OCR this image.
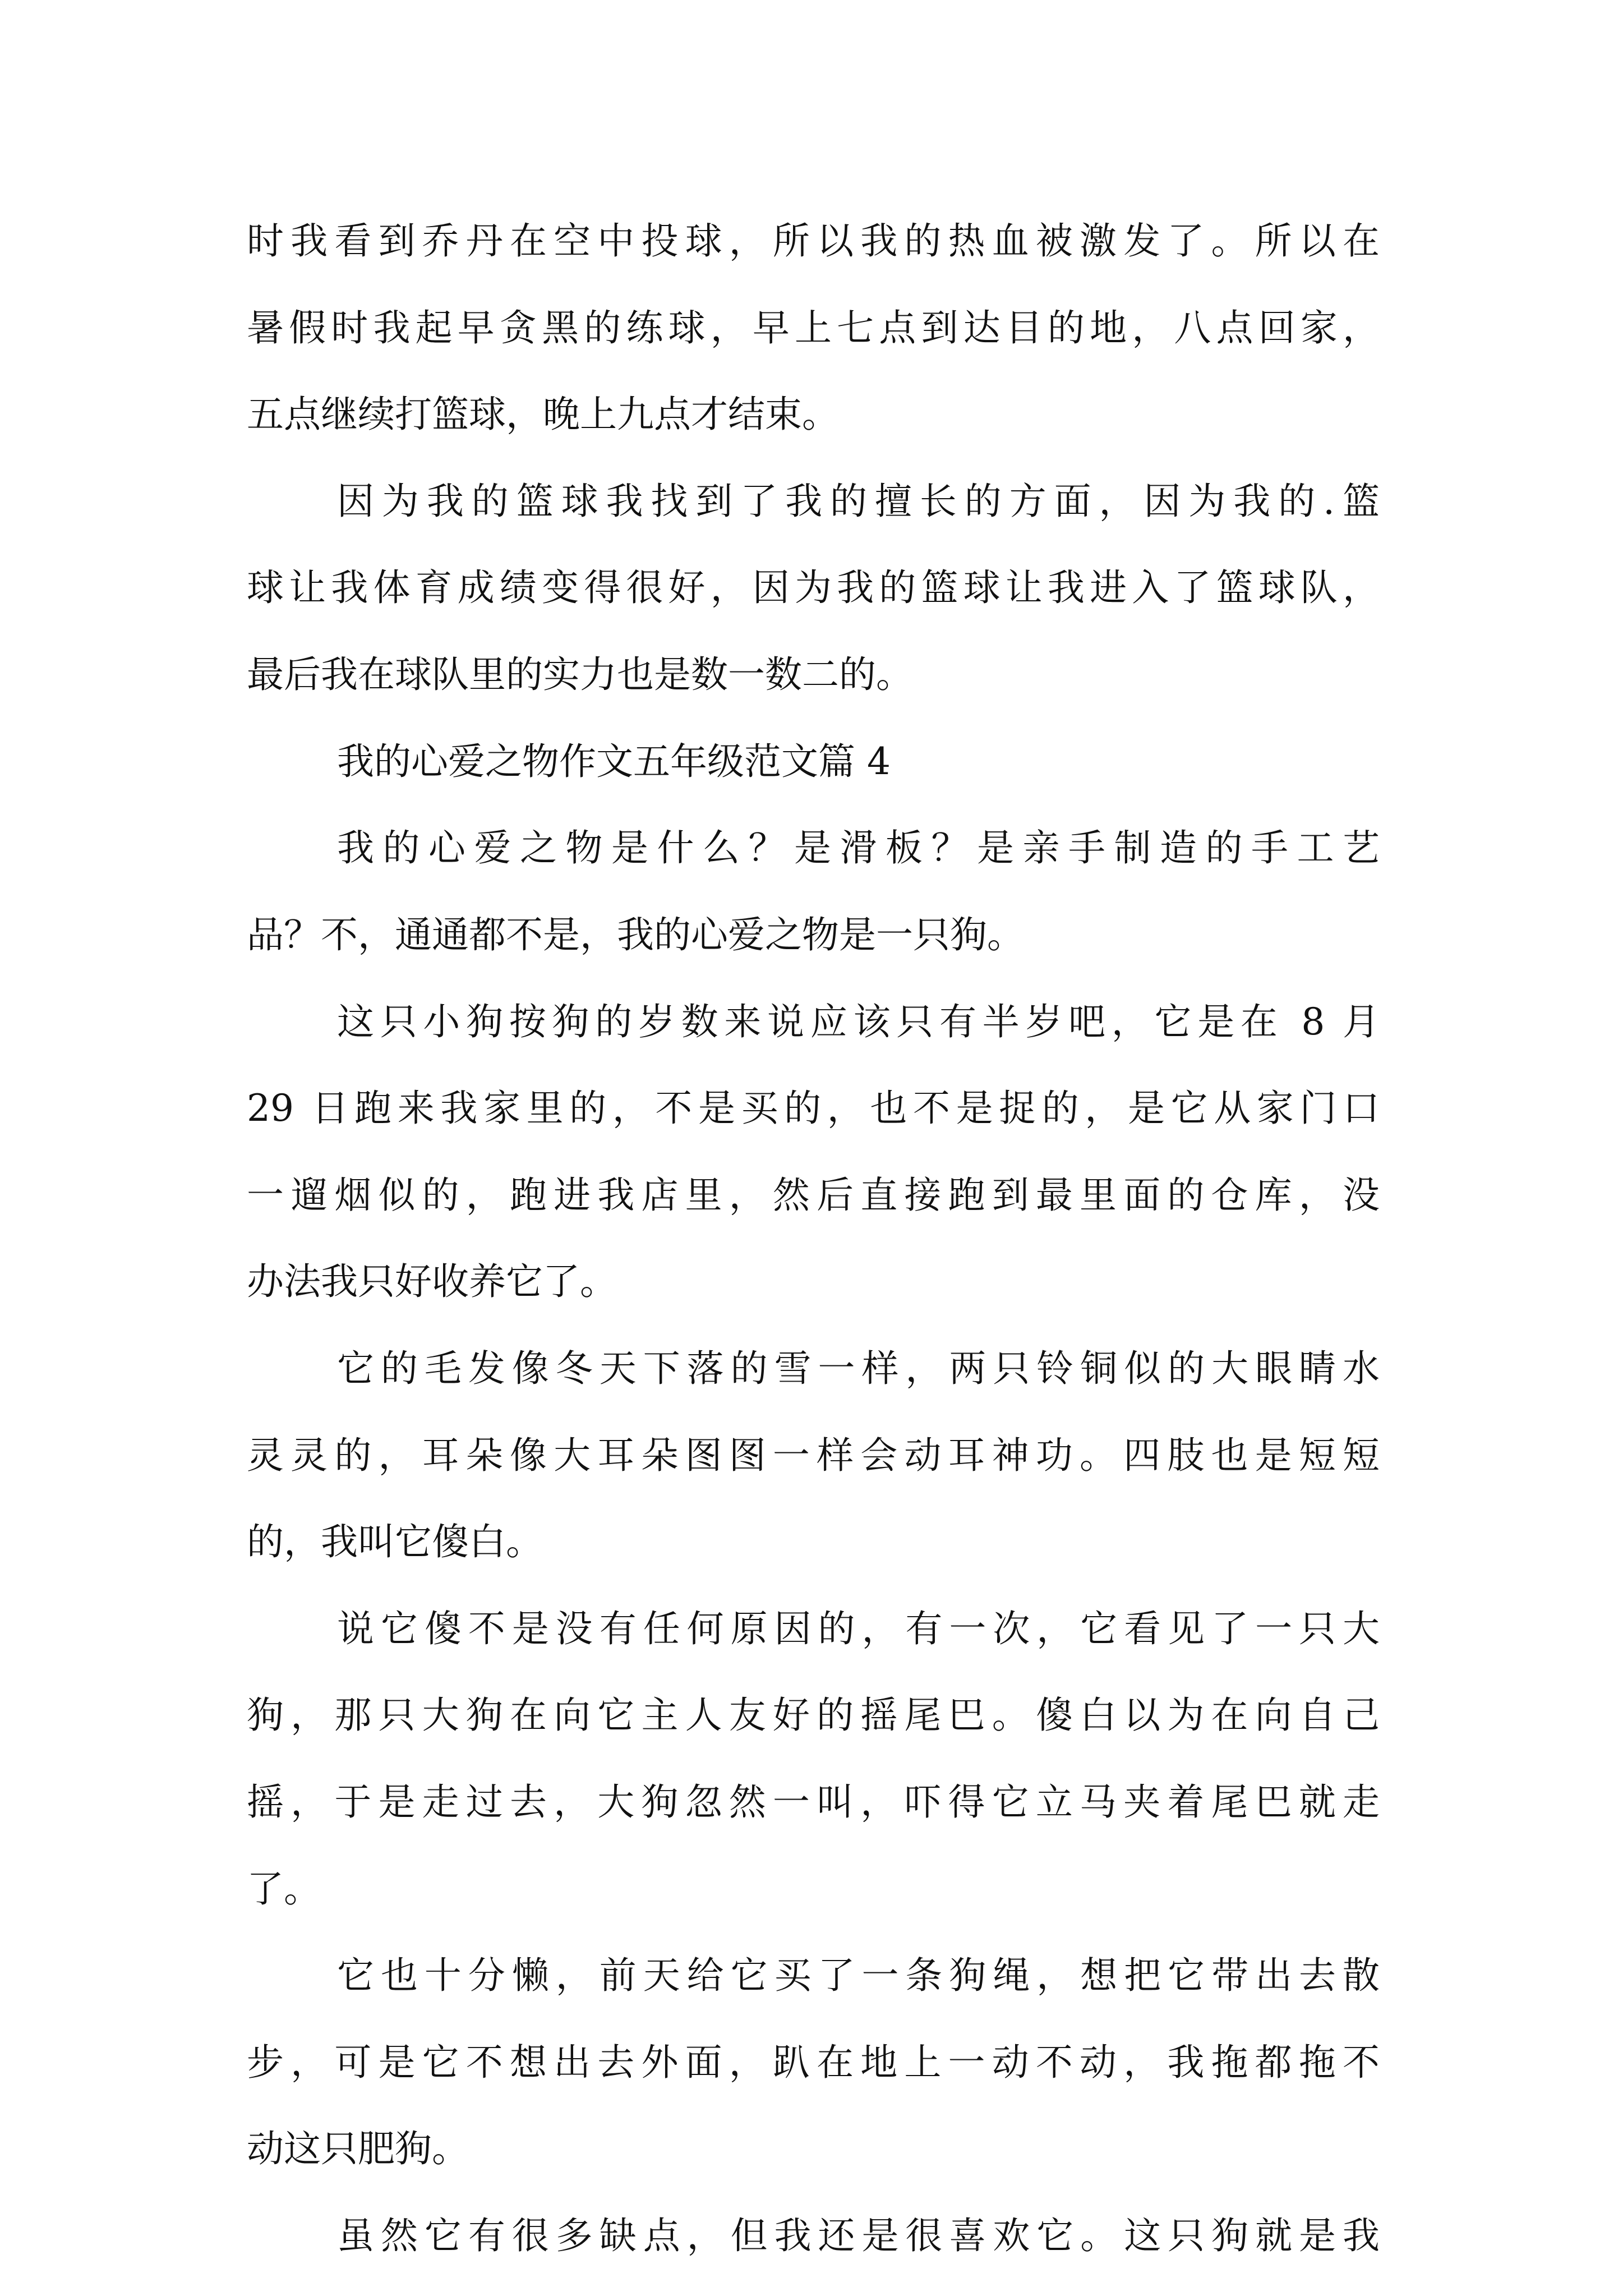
时我看到乔丹在空中投球，所以我的热血被激发了。所以在
暑假时我起早贪黑的练球，早上七点到达目的地，八点回家，
五点继续打篮球，晚上九点才结束。
因为我的篮球我找到了我的擅长的方面，因为我的.篮
球让我体育成绩变得很好，因为我的篮球让我进入了篮球队，
最后我在球队里的实力也是数一数二的。
我的心爱之物作文五年级范文篇 4
我的心爱之物是什么？是滑板？是亲手制造的手工艺
品？不，通通都不是，我的心爱之物是一只狗。
这只小狗按狗的岁数来说应该只有半岁吧，它是在 8 月
29 日跑来我家里的，不是买的，也不是捉的，是它从家门口
一遛烟似的，跑进我店里，然后直接跑到最里面的仓库，没
办法我只好收养它了。
它的毛发像冬天下落的雪一样，两只铃铜似的大眼睛水
灵灵的，耳朵像大耳朵图图一样会动耳神功。四肢也是短短
的，我叫它傻白。
说它傻不是没有任何原因的，有一次，它看见了一只大
狗，那只大狗在向它主人友好的摇尾巴。傻白以为在向自己
摇，于是走过去，大狗忽然一叫，吓得它立马夹着尾巴就走
了。
它也十分懒，前天给它买了一条狗绳，想把它带出去散
步，可是它不想出去外面，趴在地上一动不动，我拖都拖不
动这只肥狗。
虽然它有很多缺点，但我还是很喜欢它。这只狗就是我
